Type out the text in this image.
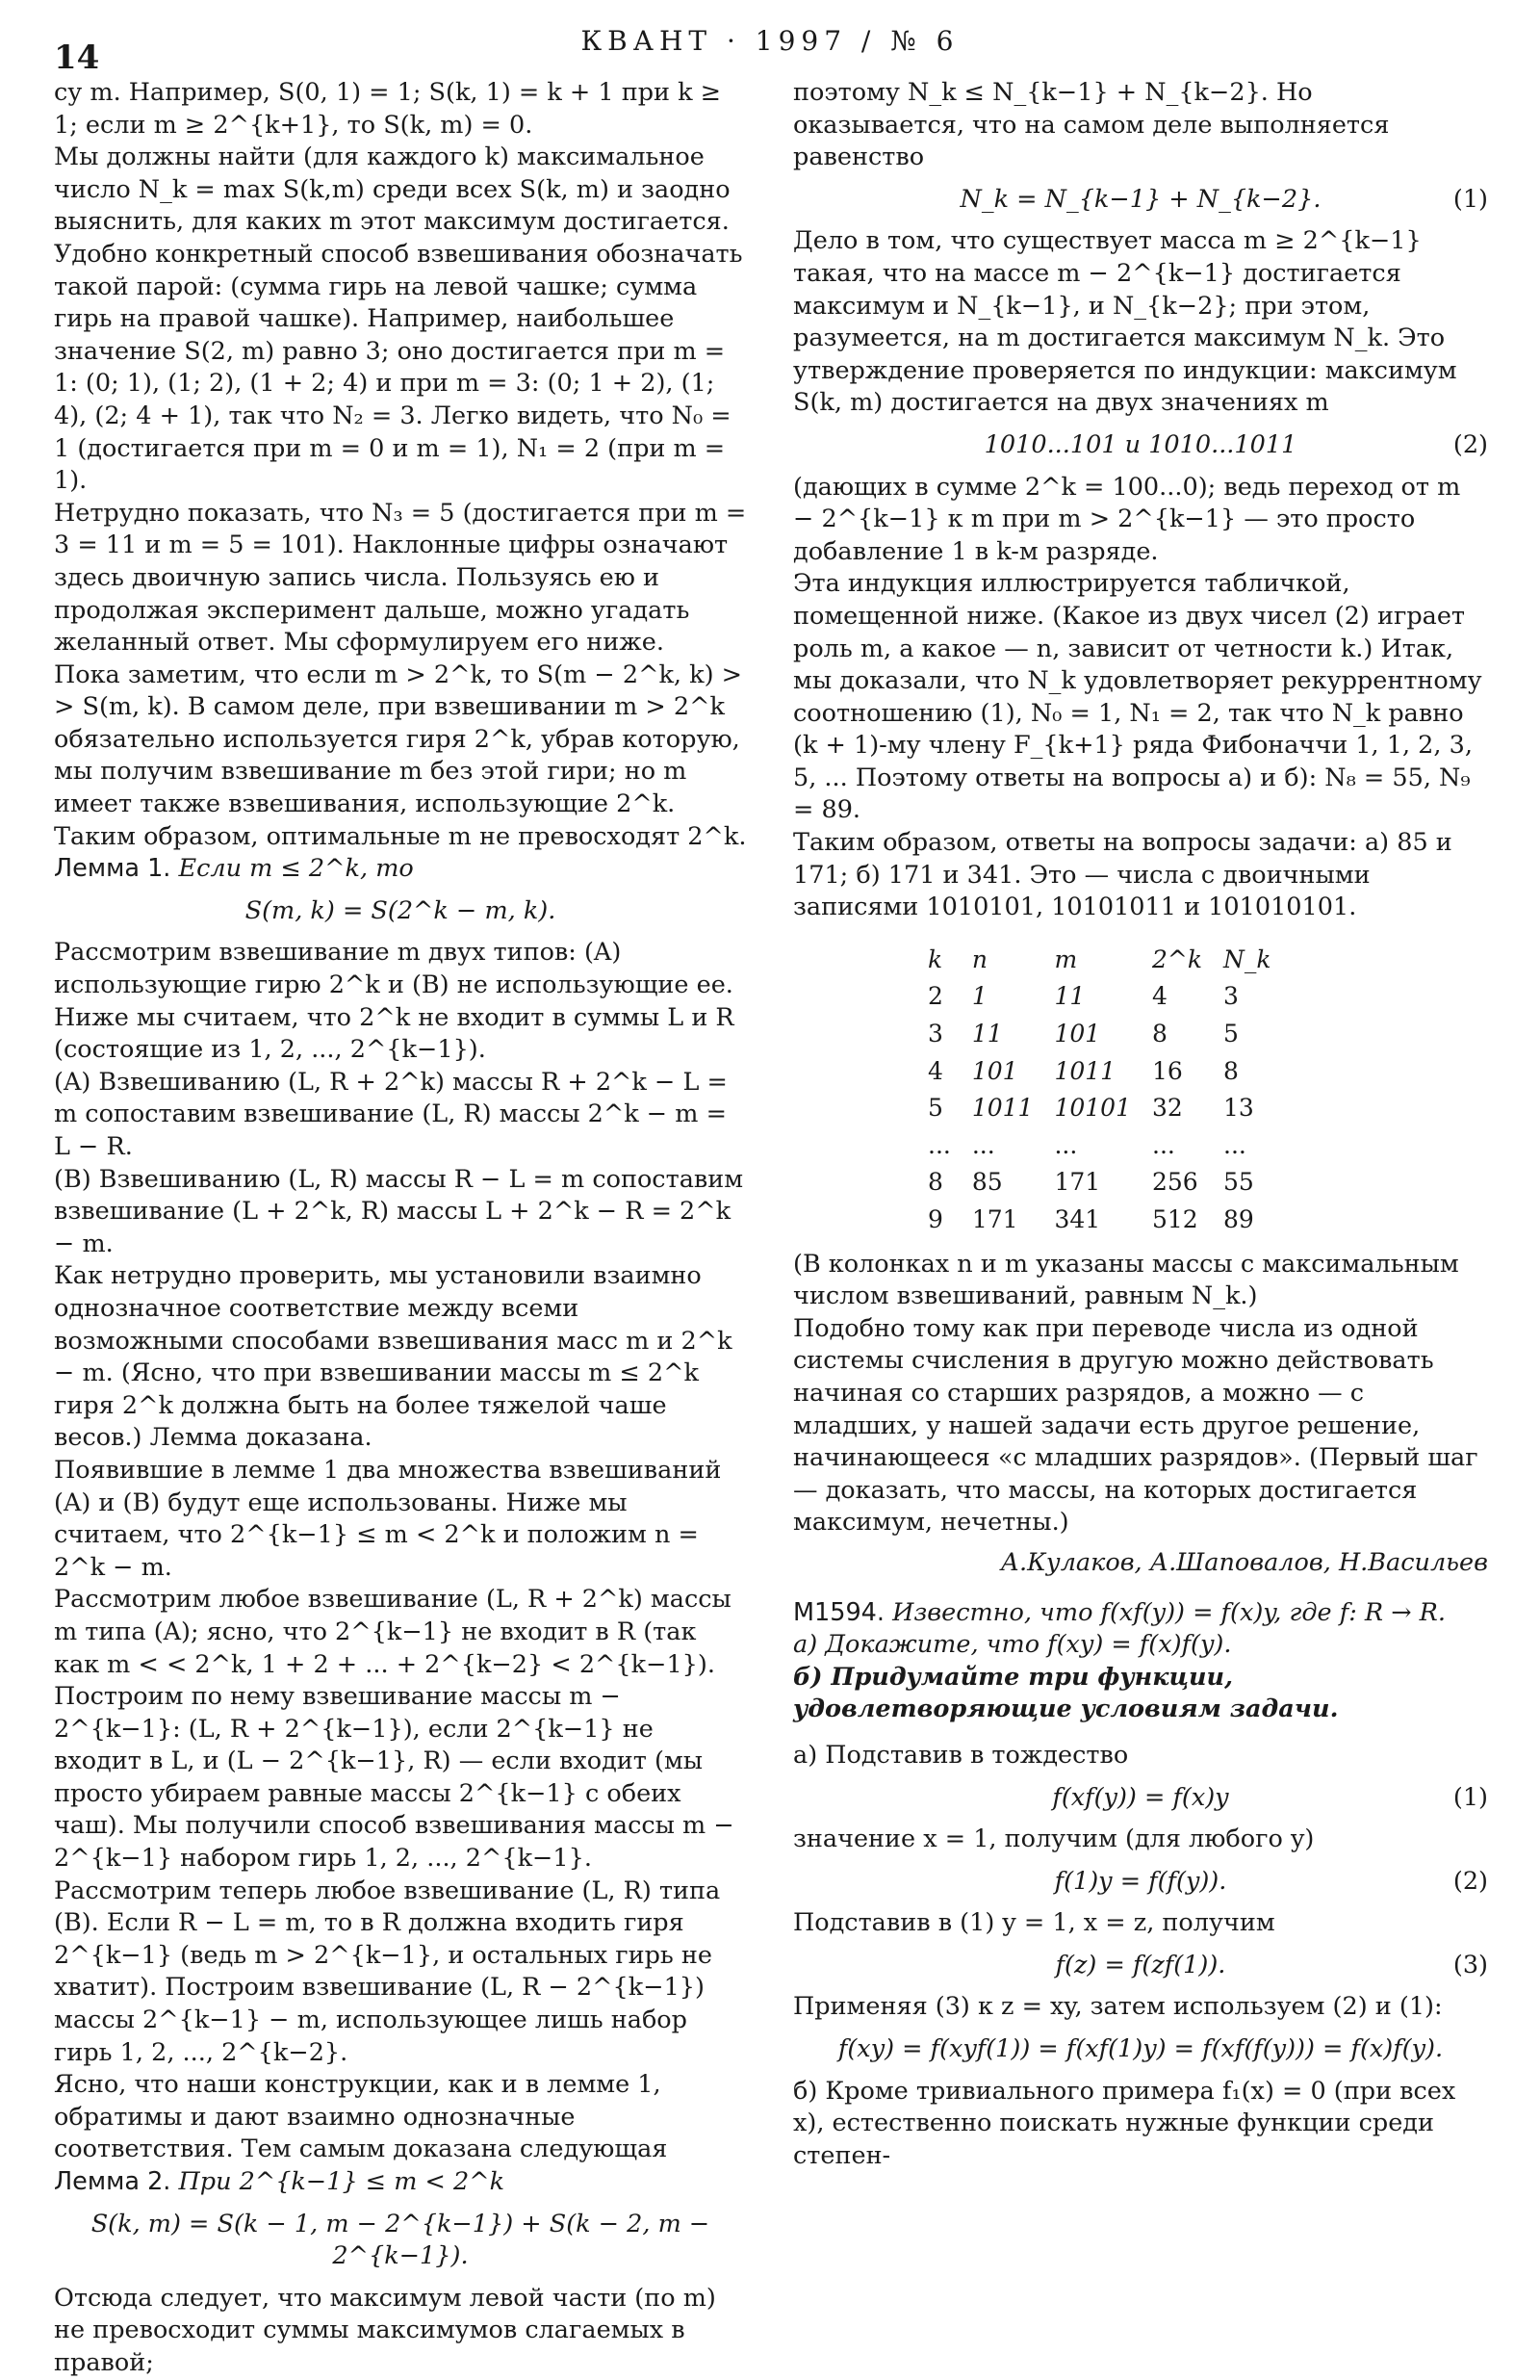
14	КВАНТ · 1997 / № 6

су m. Например, S(0, 1) = 1; S(k, 1) = k + 1 при k ≥ 1; если m ≥ 2^{k+1}, то S(k, m) = 0.

Мы должны найти (для каждого k) максимальное число N_k = max S(k,m) среди всех S(k, m) и заодно выяснить, для каких m этот максимум достигается.

Удобно конкретный способ взвешивания обозначать такой парой: (сумма гирь на левой чашке; сумма гирь на правой чашке). Например, наибольшее значение S(2, m) равно 3; оно достигается при m = 1: (0; 1), (1; 2), (1 + 2; 4) и при m = 3: (0; 1 + 2), (1; 4), (2; 4 + 1), так что N₂ = 3. Легко видеть, что N₀ = 1 (достигается при m = 0 и m = 1), N₁ = 2 (при m = 1).

Нетрудно показать, что N₃ = 5 (достигается при m = 3 = 11 и m = 5 = 101). Наклонные цифры означают здесь двоичную запись числа. Пользуясь ею и продолжая эксперимент дальше, можно угадать желанный ответ. Мы сформулируем его ниже.

Пока заметим, что если m > 2^k, то S(m − 2^k, k) > > S(m, k). В самом деле, при взвешивании m > 2^k обязательно используется гиря 2^k, убрав которую, мы получим взвешивание m без этой гири; но m имеет также взвешивания, использующие 2^k. Таким образом, оптимальные m не превосходят 2^k.

Лемма 1. Если m ≤ 2^k, то

S(m, k) = S(2^k − m, k).

Рассмотрим взвешивание m двух типов: (A) использующие гирю 2^k и (B) не использующие ее. Ниже мы считаем, что 2^k не входит в суммы L и R (состоящие из 1, 2, ..., 2^{k−1}).

(A) Взвешиванию (L, R + 2^k) массы R + 2^k − L = m сопоставим взвешивание (L, R) массы 2^k − m = L − R.

(B) Взвешиванию (L, R) массы R − L = m сопоставим взвешивание (L + 2^k, R) массы L + 2^k − R = 2^k − m.

Как нетрудно проверить, мы установили взаимно однозначное соответствие между всеми возможными способами взвешивания масс m и 2^k − m. (Ясно, что при взвешивании массы m ≤ 2^k гиря 2^k должна быть на более тяжелой чаше весов.) Лемма доказана.

Появившие в лемме 1 два множества взвешиваний (A) и (B) будут еще использованы. Ниже мы считаем, что 2^{k−1} ≤ m < 2^k и положим n = 2^k − m.

Рассмотрим любое взвешивание (L, R + 2^k) массы m типа (A); ясно, что 2^{k−1} не входит в R (так как m < < 2^k, 1 + 2 + ... + 2^{k−2} < 2^{k−1}). Построим по нему взвешивание массы m − 2^{k−1}: (L, R + 2^{k−1}), если 2^{k−1} не входит в L, и (L − 2^{k−1}, R) — если входит (мы просто убираем равные массы 2^{k−1} с обеих чаш). Мы получили способ взвешивания массы m − 2^{k−1} набором гирь 1, 2, ..., 2^{k−1}.

Рассмотрим теперь любое взвешивание (L, R) типа (B). Если R − L = m, то в R должна входить гиря 2^{k−1} (ведь m > 2^{k−1}, и остальных гирь не хватит). Построим взвешивание (L, R − 2^{k−1}) массы 2^{k−1} − m, использующее лишь набор гирь 1, 2, ..., 2^{k−2}.

Ясно, что наши конструкции, как и в лемме 1, обратимы и дают взаимно однозначные соответствия. Тем самым доказана следующая

Лемма 2. При 2^{k−1} ≤ m < 2^k

S(k, m) = S(k − 1, m − 2^{k−1}) + S(k − 2, m − 2^{k−1}).

Отсюда следует, что максимум левой части (по m) не превосходит суммы максимумов слагаемых в правой;

поэтому N_k ≤ N_{k−1} + N_{k−2}. Но оказывается, что на самом деле выполняется равенство

N_k = N_{k−1} + N_{k−2}.	(1)

Дело в том, что существует масса m ≥ 2^{k−1} такая, что на массе m − 2^{k−1} достигается максимум и N_{k−1}, и N_{k−2}; при этом, разумеется, на m достигается максимум N_k. Это утверждение проверяется по индукции: максимум S(k, m) достигается на двух значениях m

1010...101 и 1010...1011	(2)

(дающих в сумме 2^k = 100...0); ведь переход от m − 2^{k−1} к m при m > 2^{k−1} — это просто добавление 1 в k-м разряде.

Эта индукция иллюстрируется табличкой, помещенной ниже. (Какое из двух чисел (2) играет роль m, а какое — n, зависит от четности k.) Итак, мы доказали, что N_k удовлетворяет рекуррентному соотношению (1), N₀ = 1, N₁ = 2, так что N_k равно (k + 1)-му члену F_{k+1} ряда Фибоначчи 1, 1, 2, 3, 5, ... Поэтому ответы на вопросы а) и б): N₈ = 55, N₉ = 89.

Таким образом, ответы на вопросы задачи: а) 85 и 171; б) 171 и 341. Это — числа с двоичными записями 1010101, 10101011 и 101010101.

k	n	m	2^k	N_k
2	1	11	4	3
3	11	101	8	5
4	101	1011	16	8
5	1011	10101	32	13
...	...	...	...	...
8	85	171	256	55
9	171	341	512	89

(В колонках n и m указаны массы с максимальным числом взвешиваний, равным N_k.)

Подобно тому как при переводе числа из одной системы счисления в другую можно действовать начиная со старших разрядов, а можно — с младших, у нашей задачи есть другое решение, начинающееся «с младших разрядов». (Первый шаг — доказать, что массы, на которых достигается максимум, нечетны.)

А.Кулаков, А.Шаповалов, Н.Васильев

М1594. Известно, что f(xf(y)) = f(x)y, где f: R → R.

а) Докажите, что f(xy) = f(x)f(y).

б) Придумайте три функции, удовлетворяющие условиям задачи.

а) Подставив в тождество

f(xf(y)) = f(x)y	(1)

значение x = 1, получим (для любого y)

f(1)y = f(f(y)).	(2)

Подставив в (1) y = 1, x = z, получим

f(z) = f(zf(1)).	(3)

Применяя (3) к z = xy, затем используем (2) и (1):

f(xy) = f(xyf(1)) = f(xf(1)y) = f(xf(f(y))) = f(x)f(y).

б) Кроме тривиального примера f₁(x) = 0 (при всех x), естественно поискать нужные функции среди степен-
